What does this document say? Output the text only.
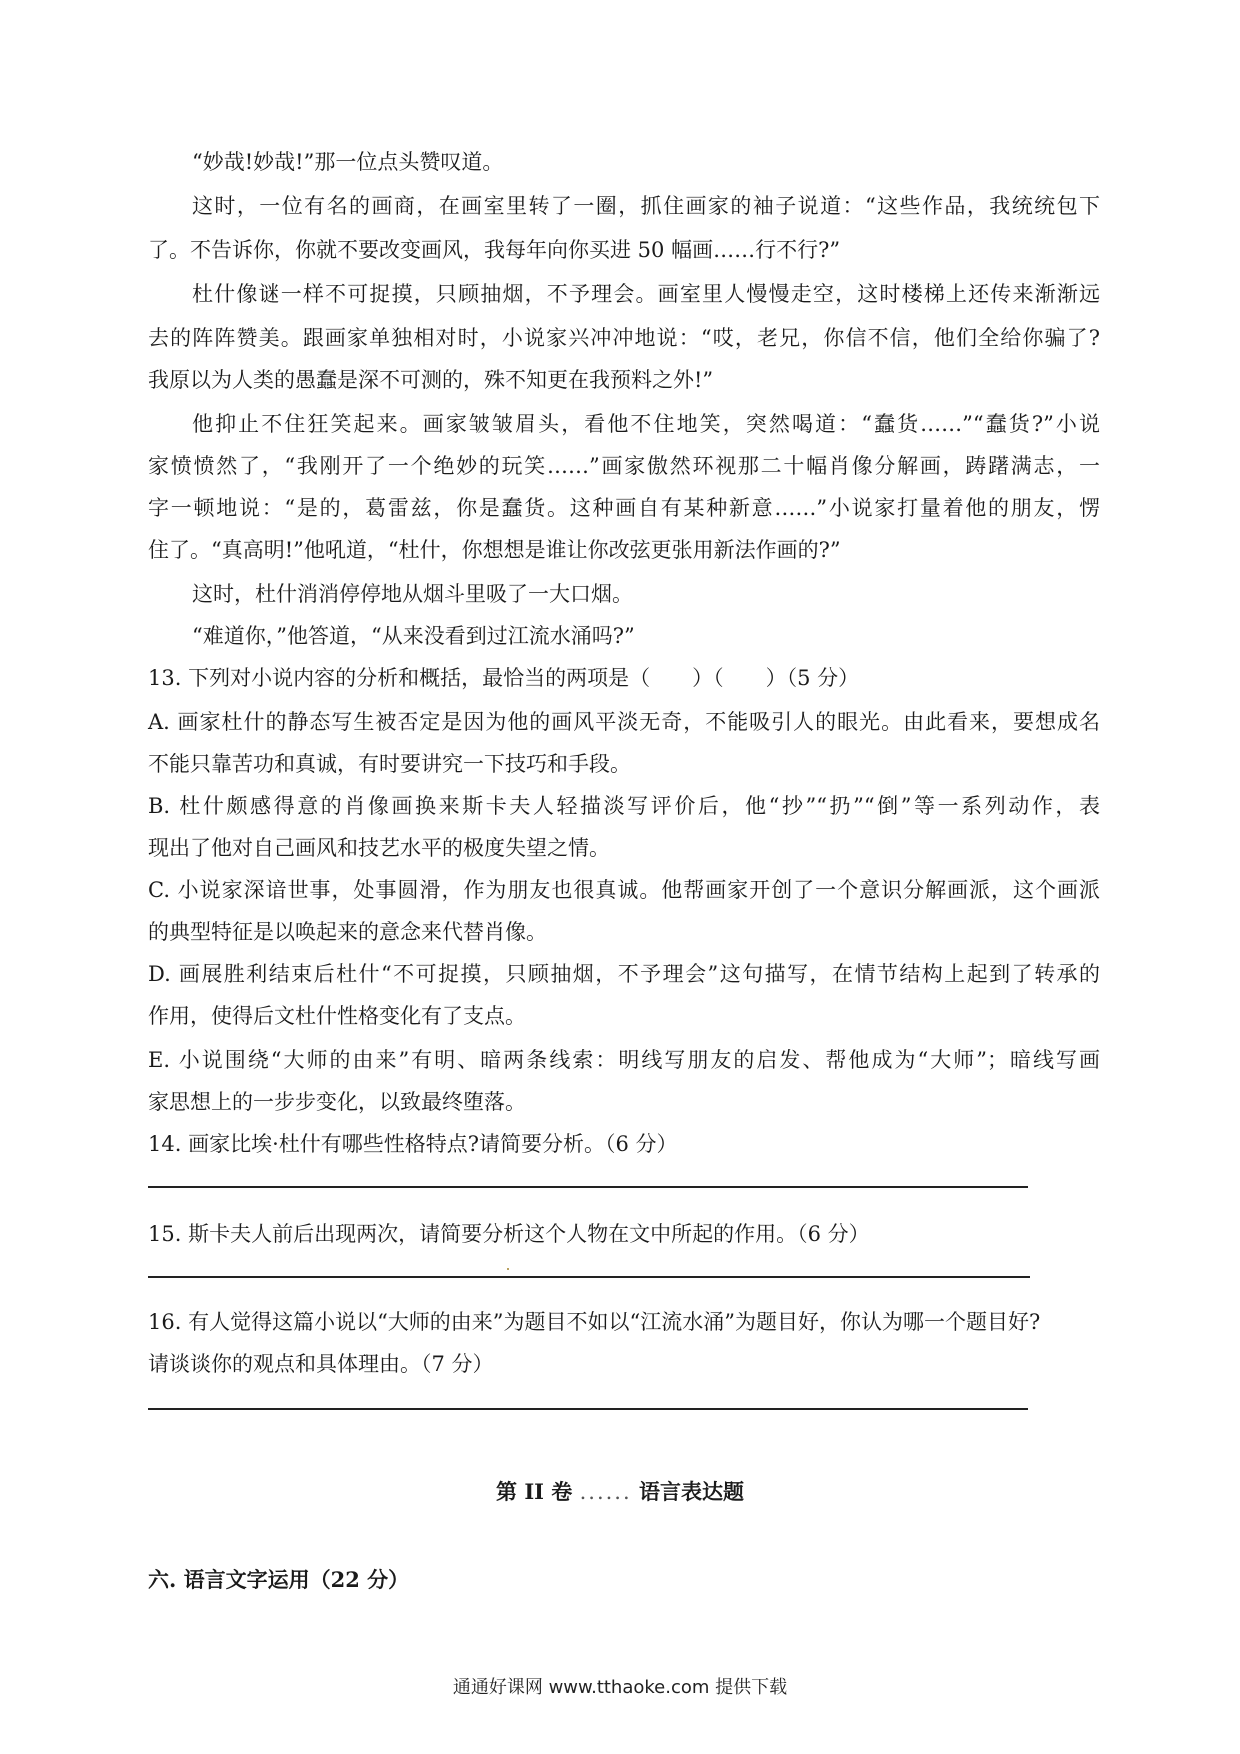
“妙哉!妙哉!”那一位点头赞叹道。
这时，一位有名的画商，在画室里转了一圈，抓住画家的袖子说道：“这些作品，我统统包下
了。不告诉你，你就不要改变画风，我每年向你买进 50 幅画……行不行?”
杜什像谜一样不可捉摸，只顾抽烟，不予理会。画室里人慢慢走空，这时楼梯上还传来渐渐远
去的阵阵赞美。跟画家单独相对时，小说家兴冲冲地说：“哎，老兄，你信不信，他们全给你骗了?
我原以为人类的愚蠢是深不可测的，殊不知更在我预料之外!”
他抑止不住狂笑起来。画家皱皱眉头，看他不住地笑，突然喝道：“蠢货……”“蠢货?”小说
家愤愤然了，“我刚开了一个绝妙的玩笑……”画家傲然环视那二十幅肖像分解画，踌躇满志，一
字一顿地说：“是的，葛雷兹，你是蠢货。这种画自有某种新意……”小说家打量着他的朋友，愣
住了。“真高明!”他吼道，“杜什，你想想是谁让你改弦更张用新法作画的?”
这时，杜什消消停停地从烟斗里吸了一大口烟。
“难道你，”他答道，“从来没看到过江流水涌吗?”
13. 下列对小说内容的分析和概括，最恰当的两项是（　　）（　　）（5 分）
A. 画家杜什的静态写生被否定是因为他的画风平淡无奇，不能吸引人的眼光。由此看来，要想成名
不能只靠苦功和真诚，有时要讲究一下技巧和手段。
B. 杜什颇感得意的肖像画换来斯卡夫人轻描淡写评价后，他“抄”“扔”“倒”等一系列动作，表
现出了他对自己画风和技艺水平的极度失望之情。
C. 小说家深谙世事，处事圆滑，作为朋友也很真诚。他帮画家开创了一个意识分解画派，这个画派
的典型特征是以唤起来的意念来代替肖像。
D. 画展胜利结束后杜什“不可捉摸，只顾抽烟，不予理会”这句描写，在情节结构上起到了转承的
作用，使得后文杜什性格变化有了支点。
E. 小说围绕“大师的由来”有明、暗两条线索：明线写朋友的启发、帮他成为“大师”；暗线写画
家思想上的一步步变化，以致最终堕落。
14. 画家比埃·杜什有哪些性格特点?请简要分析。（6 分）
15. 斯卡夫人前后出现两次，请简要分析这个人物在文中所起的作用。（6 分）
16. 有人觉得这篇小说以“大师的由来”为题目不如以“江流水涌”为题目好，你认为哪一个题目好?
请谈谈你的观点和具体理由。（7 分）
第 II 卷 ...... 语言表达题
六. 语言文字运用（22 分）
通通好课网 www.tthaoke.com 提供下载
